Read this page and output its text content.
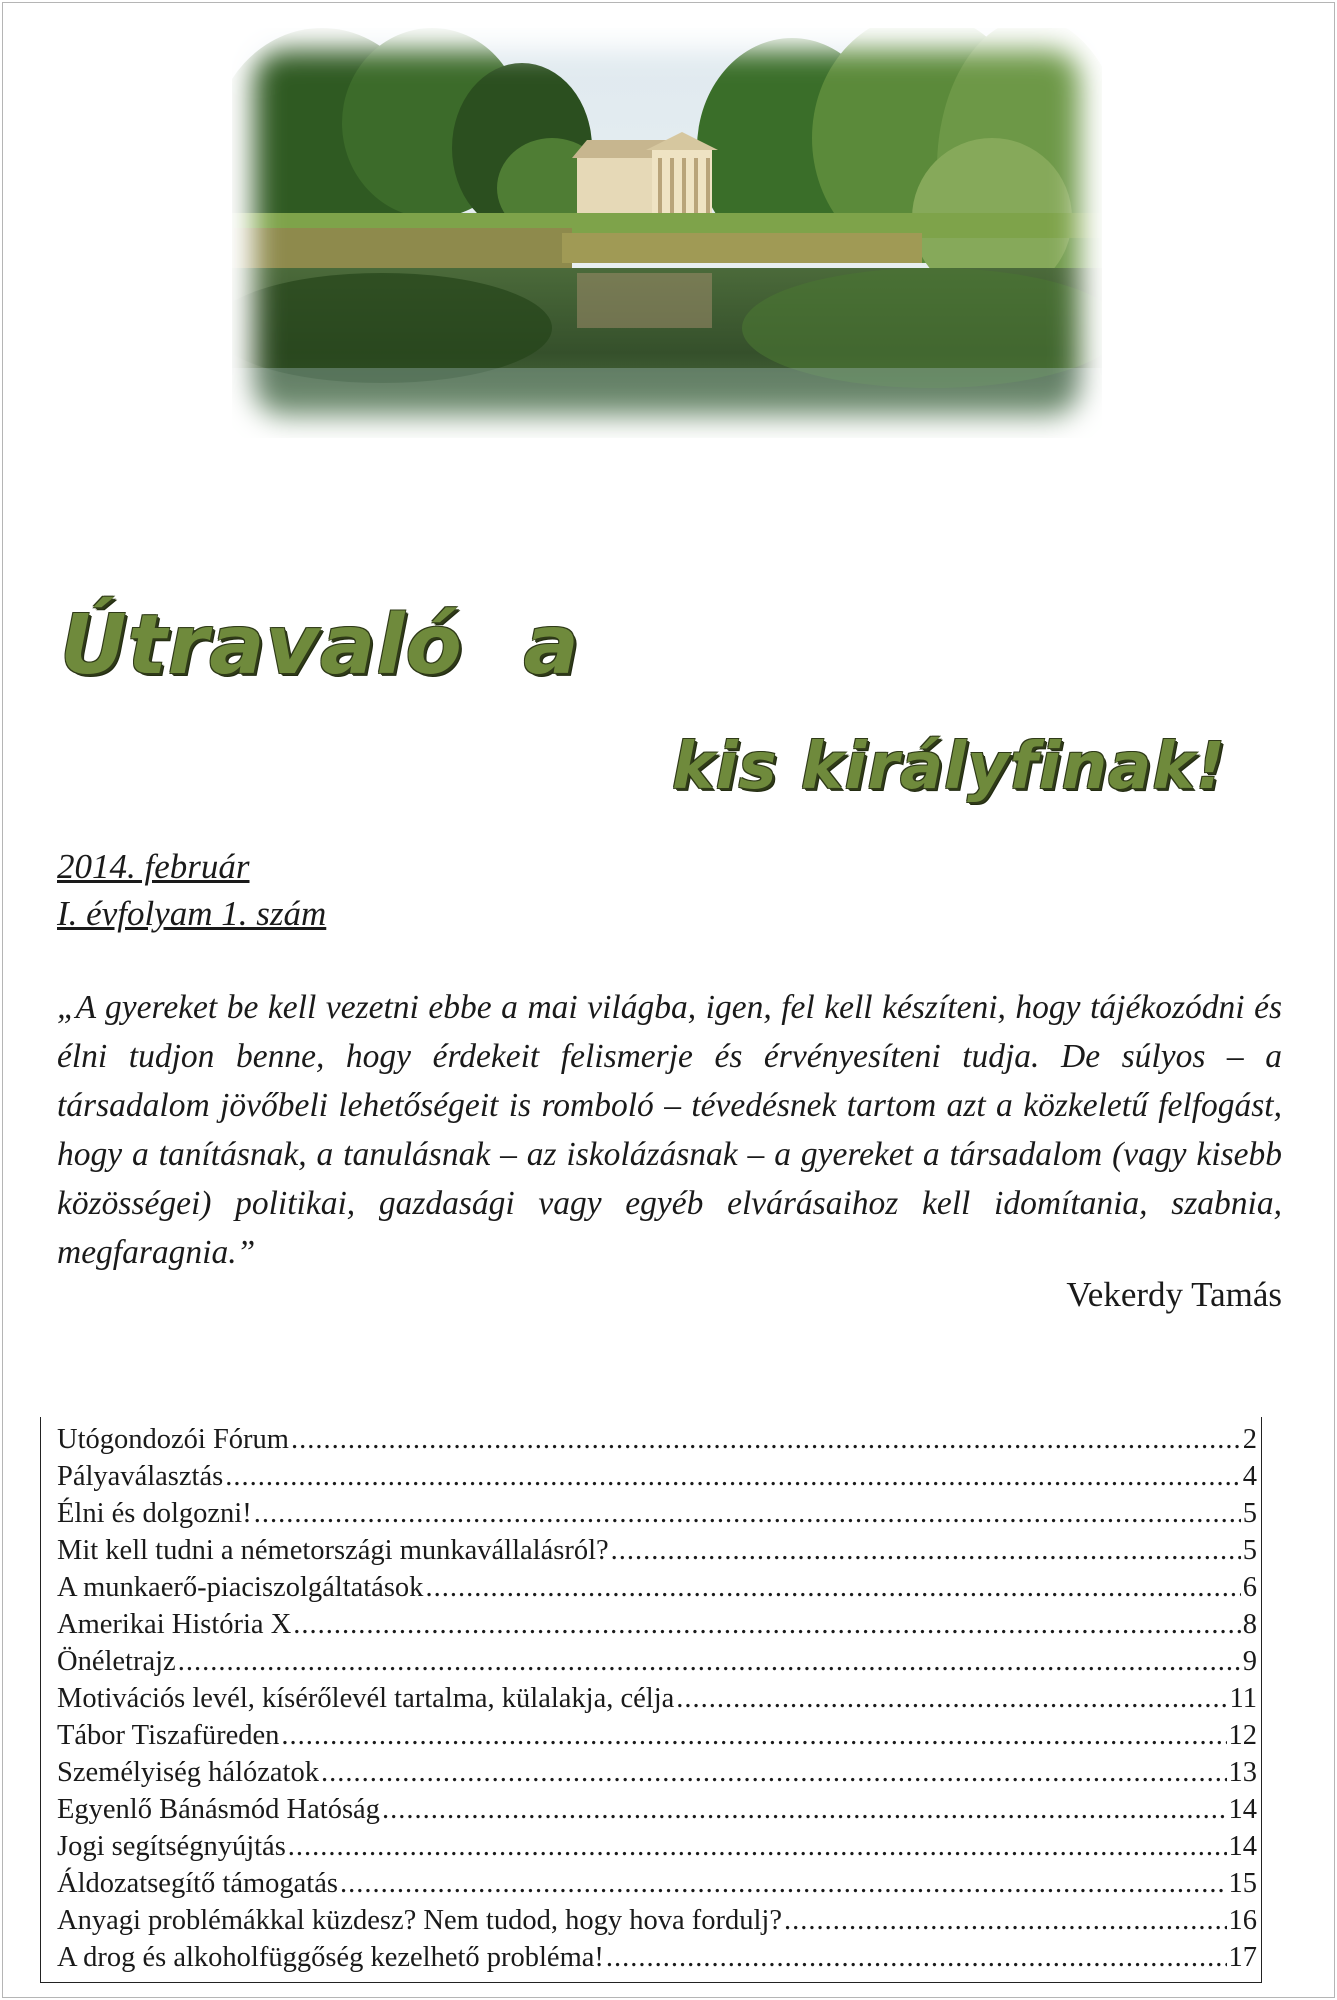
Útravaló a
kis királyfinak!
2014. február
I. évfolyam 1. szám

„A gyereket be kell vezetni ebbe a mai világba, igen, fel kell készíteni, hogy tájékozódni és élni tudjon benne, hogy érdekeit felismerje és érvényesíteni tudja. De súlyos – a társadalom jövőbeli lehetőségeit is romboló – tévedésnek tartom azt a közkeletű felfogást, hogy a tanításnak, a tanulásnak – az iskolázásnak – a gyereket a társadalom (vagy kisebb közösségei) politikai, gazdasági vagy egyéb elvárásaihoz kell idomítania, szabnia, megfaragnia.”

Vekerdy Tamás

Utógondozói Fórum .....	2
Pályaválasztás .....	4
Élni és dolgozni! .....	5
Mit kell tudni a németországi munkavállalásról? .....	5
A munkaerő-piaciszolgáltatások .....	6
Amerikai História X .....	8
Önéletrajz .....	9
Motivációs levél, kísérőlevél tartalma, külalakja, célja .....	11
Tábor Tiszafüreden .....	12
Személyiség hálózatok .....	13
Egyenlő Bánásmód Hatóság .....	14
Jogi segítségnyújtás .....	14
Áldozatsegítő támogatás .....	15
Anyagi problémákkal küzdesz? Nem tudod, hogy hova fordulj? .....	16
A drog és alkoholfüggőség kezelhető probléma! .....	17
